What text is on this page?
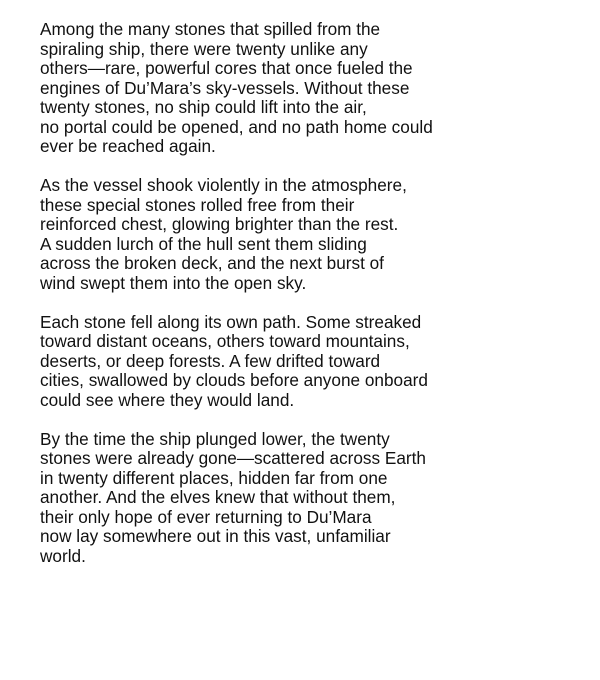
Among the many stones that spilled from the
spiraling ship, there were twenty unlike any
others—rare, powerful cores that once fueled the
engines of Du’Mara’s sky-vessels. Without these
twenty stones, no ship could lift into the air,
no portal could be opened, and no path home could
ever be reached again.

As the vessel shook violently in the atmosphere,
these special stones rolled free from their
reinforced chest, glowing brighter than the rest.
A sudden lurch of the hull sent them sliding
across the broken deck, and the next burst of
wind swept them into the open sky.

Each stone fell along its own path. Some streaked
toward distant oceans, others toward mountains,
deserts, or deep forests. A few drifted toward
cities, swallowed by clouds before anyone onboard
could see where they would land.

By the time the ship plunged lower, the twenty
stones were already gone—scattered across Earth
in twenty different places, hidden far from one
another. And the elves knew that without them,
their only hope of ever returning to Du’Mara
now lay somewhere out in this vast, unfamiliar
world.
